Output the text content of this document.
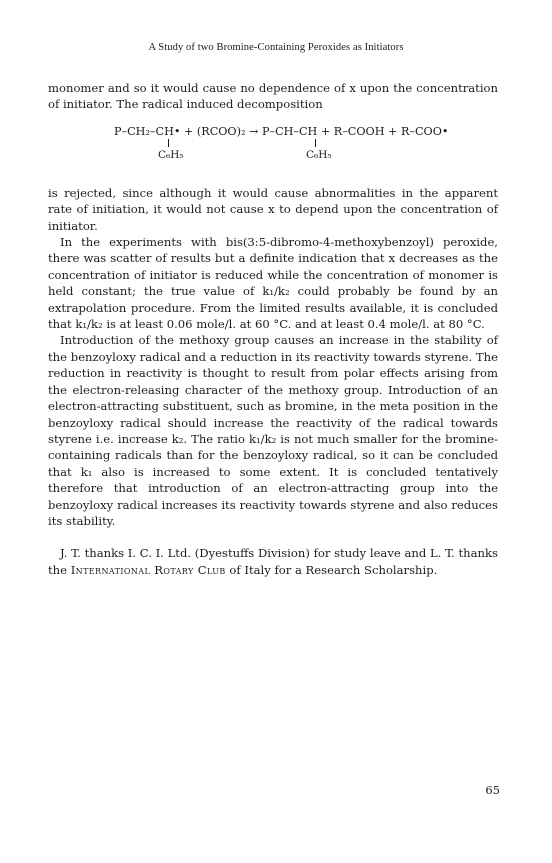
A Study of two Bromine-Containing Peroxides as Initiators

monomer and so it would cause no dependence of x upon the concentration of initiator. The radical induced decomposition

P–CH₂–CH• + (RCOO)₂ → P–CH–CH + R–COOH + R–COO•
C₆H₅	C₆H₅

is rejected, since although it would cause abnormalities in the apparent rate of initiation, it would not cause x to depend upon the concentration of initiator.

In the experiments with bis(3:5-dibromo-4-methoxybenzoyl) peroxide, there was scatter of results but a definite indication that x decreases as the concentration of initiator is reduced while the concentration of monomer is held constant; the true value of k₁/k₂ could probably be found by an extrapolation procedure. From the limited results available, it is concluded that k₁/k₂ is at least 0.06 mole/l. at 60 °C. and at least 0.4 mole/l. at 80 °C.

Introduction of the methoxy group causes an increase in the stability of the benzoyloxy radical and a reduction in its reactivity towards styrene. The reduction in reactivity is thought to result from polar effects arising from the electron-releasing character of the methoxy group. Introduction of an electron-attracting substituent, such as bromine, in the meta position in the benzoyloxy radical should increase the reactivity of the radical towards styrene i.e. increase k₂. The ratio k₁/k₂ is not much smaller for the bromine-containing radicals than for the benzoyloxy radical, so it can be concluded that k₁ also is increased to some extent. It is concluded tentatively therefore that introduction of an electron-attracting group into the benzoyloxy radical increases its reactivity towards styrene and also reduces its stability.

J. T. thanks I. C. I. Ltd. (Dyestuffs Division) for study leave and L. T. thanks the International Rotary Club of Italy for a Research Scholarship.

65
